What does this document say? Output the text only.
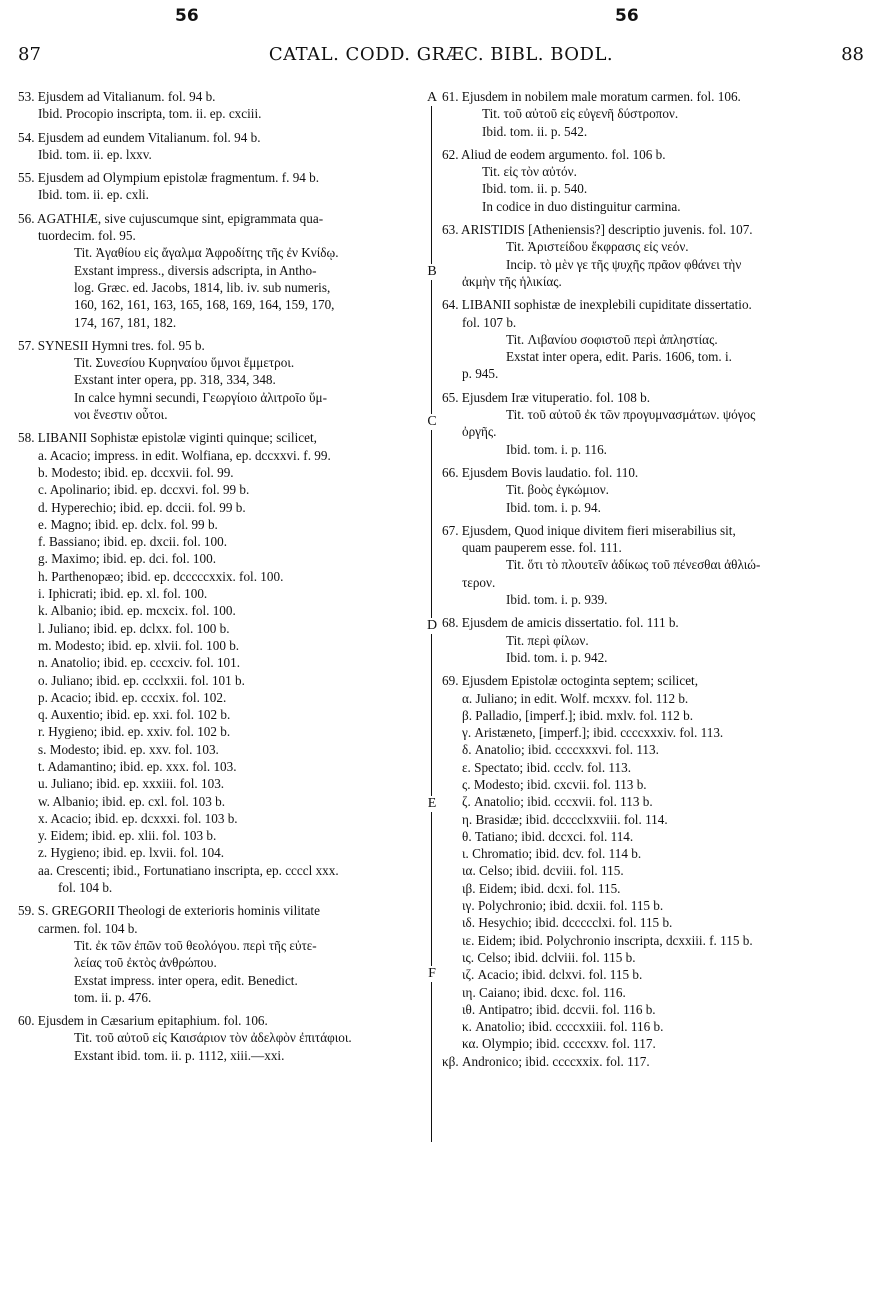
56	56
87	CATAL. CODD. GRÆC. BIBL. BODL.	88
53. Ejusdem ad Vitalianum. fol. 94 b.
Ibid. Procopio inscripta, tom. ii. ep. cxciii.
54. Ejusdem ad eundem Vitalianum. fol. 94 b.
Ibid. tom. ii. ep. lxxv.
55. Ejusdem ad Olympium epistolæ fragmentum. f. 94 b.
Ibid. tom. ii. ep. cxli.
56. AGATHIÆ, sive cujuscumque sint, epigrammata qua-
tuordecim. fol. 95.
Tit. Ἀγαθίου εἰς ἄγαλμα Ἀφροδίτης τῆς ἐν Κνίδῳ.
Exstant impress., diversis adscripta, in Antho-
log. Græc. ed. Jacobs, 1814, lib. iv. sub numeris,
160, 162, 161, 163, 165, 168, 169, 164, 159, 170,
174, 167, 181, 182.
57. SYNESII Hymni tres. fol. 95 b.
Tit. Συνεσίου Κυρηναίου ὕμνοι ἔμμετροι.
Exstant inter opera, pp. 318, 334, 348.
In calce hymni secundi, Γεωργίοιο ἀλιτροῖο ὕμ-
νοι ἔνεστιν οὗτοι.
58. LIBANII Sophistæ epistolæ viginti quinque; scilicet,
a. Acacio; impress. in edit. Wolfiana, ep. dccxxvi. f. 99.
b. Modesto; ibid. ep. dccxvii. fol. 99.
c. Apolinario; ibid. ep. dccxvi. fol. 99 b.
d. Hyperechio; ibid. ep. dccii. fol. 99 b.
e. Magno; ibid. ep. dclx. fol. 99 b.
f. Bassiano; ibid. ep. dxcii. fol. 100.
g. Maximo; ibid. ep. dci. fol. 100.
h. Parthenopæo; ibid. ep. dcccccxxix. fol. 100.
i. Iphicrati; ibid. ep. xl. fol. 100.
k. Albanio; ibid. ep. mcxcix. fol. 100.
l. Juliano; ibid. ep. dclxx. fol. 100 b.
m. Modesto; ibid. ep. xlvii. fol. 100 b.
n. Anatolio; ibid. ep. cccxciv. fol. 101.
o. Juliano; ibid. ep. ccclxxii. fol. 101 b.
p. Acacio; ibid. ep. cccxix. fol. 102.
q. Auxentio; ibid. ep. xxi. fol. 102 b.
r. Hygieno; ibid. ep. xxiv. fol. 102 b.
s. Modesto; ibid. ep. xxv. fol. 103.
t. Adamantino; ibid. ep. xxx. fol. 103.
u. Juliano; ibid. ep. xxxiii. fol. 103.
w. Albanio; ibid. ep. cxl. fol. 103 b.
x. Acacio; ibid. ep. dcxxxi. fol. 103 b.
y. Eidem; ibid. ep. xlii. fol. 103 b.
z. Hygieno; ibid. ep. lxvii. fol. 104.
aa. Crescenti; ibid., Fortunatiano inscripta, ep. ccccl xxx.
fol. 104 b.
59. S. GREGORII Theologi de exterioris hominis vilitate
carmen. fol. 104 b.
Tit. ἐκ τῶν ἐπῶν τοῦ θεολόγου. περὶ τῆς εὐτε-
λείας τοῦ ἐκτὸς ἀνθρώπου.
Exstat impress. inter opera, edit. Benedict.
tom. ii. p. 476.
60. Ejusdem in Cæsarium epitaphium. fol. 106.
Tit. τοῦ αὐτοῦ εἰς Καισάριον τὸν ἀδελφὸν ἐπιτάφιοι.
Exstant ibid. tom. ii. p. 1112, xiii.—xxi.
A
B
C
D
E
F
61. Ejusdem in nobilem male moratum carmen. fol. 106.
Tit. τοῦ αὐτοῦ εἰς εὐγενῆ δύστροπον.
Ibid. tom. ii. p. 542.
62. Aliud de eodem argumento. fol. 106 b.
Tit. εἰς τὸν αὐτόν.
Ibid. tom. ii. p. 540.
In codice in duo distinguitur carmina.
63. ARISTIDIS [Atheniensis?] descriptio juvenis. fol. 107.
Tit. Ἀριστείδου ἔκφρασις εἰς νεόν.
Incip. τὸ μὲν γε τῆς ψυχῆς πρᾶον φθάνει τὴν
ἀκμὴν τῆς ἡλικίας.
64. LIBANII sophistæ de inexplebili cupiditate dissertatio.
fol. 107 b.
Tit. Λιβανίου σοφιστοῦ περὶ ἀπληστίας.
Exstat inter opera, edit. Paris. 1606, tom. i.
p. 945.
65. Ejusdem Iræ vituperatio. fol. 108 b.
Tit. τοῦ αὐτοῦ ἐκ τῶν προγυμνασμάτων. ψόγος
ὀργῆς.
Ibid. tom. i. p. 116.
66. Ejusdem Bovis laudatio. fol. 110.
Tit. βοὸς ἐγκώμιον.
Ibid. tom. i. p. 94.
67. Ejusdem, Quod inique divitem fieri miserabilius sit,
quam pauperem esse. fol. 111.
Tit. ὅτι τὸ πλουτεῖν ἀδίκως τοῦ πένεσθαι ἀθλιώ-
τερον.
Ibid. tom. i. p. 939.
68. Ejusdem de amicis dissertatio. fol. 111 b.
Tit. περὶ φίλων.
Ibid. tom. i. p. 942.
69. Ejusdem Epistolæ octoginta septem; scilicet,
α. Juliano; in edit. Wolf. mcxxv. fol. 112 b.
β. Palladio, [imperf.]; ibid. mxlv. fol. 112 b.
γ. Aristæneto, [imperf.]; ibid. ccccxxxiv. fol. 113.
δ. Anatolio; ibid. ccccxxxvi. fol. 113.
ε. Spectato; ibid. ccclv. fol. 113.
ς. Modesto; ibid. cxcvii. fol. 113 b.
ζ. Anatolio; ibid. cccxvii. fol. 113 b.
η. Brasidæ; ibid. dcccclxxviii. fol. 114.
θ. Tatiano; ibid. dccxci. fol. 114.
ι. Chromatio; ibid. dcv. fol. 114 b.
ια. Celso; ibid. dcviii. fol. 115.
ιβ. Eidem; ibid. dcxi. fol. 115.
ιγ. Polychronio; ibid. dcxii. fol. 115 b.
ιδ. Hesychio; ibid. dccccclxi. fol. 115 b.
ιε. Eidem; ibid. Polychronio inscripta, dcxxiii. f. 115 b.
ις. Celso; ibid. dclviii. fol. 115 b.
ιζ. Acacio; ibid. dclxvi. fol. 115 b.
ιη. Caiano; ibid. dcxc. fol. 116.
ιθ. Antipatro; ibid. dccvii. fol. 116 b.
κ. Anatolio; ibid. ccccxxiii. fol. 116 b.
κα. Olympio; ibid. ccccxxv. fol. 117.
κβ. Andronico; ibid. ccccxxix. fol. 117.
